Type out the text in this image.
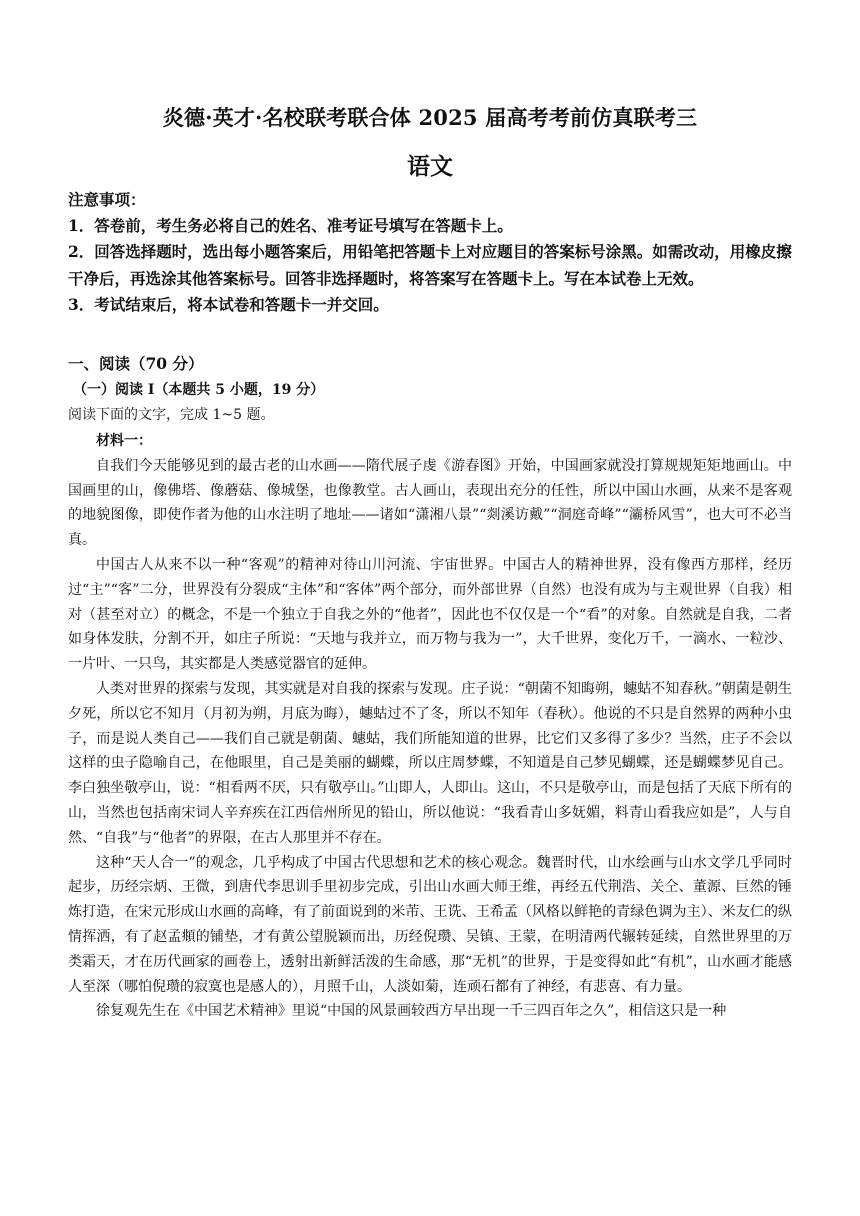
炎德·英才·名校联考联合体 2025 届高考考前仿真联考三
语文
注意事项：
1．答卷前，考生务必将自己的姓名、准考证号填写在答题卡上。
2．回答选择题时，选出每小题答案后，用铅笔把答题卡上对应题目的答案标号涂黑。如需改动，用橡皮擦干净后，再选涂其他答案标号。回答非选择题时，将答案写在答题卡上。写在本试卷上无效。
3．考试结束后，将本试卷和答题卡一并交回。
一、阅读（70 分）
（一）阅读 I（本题共 5 小题，19 分）
阅读下面的文字，完成 1~5 题。

材料一：

自我们今天能够见到的最古老的山水画——隋代展子虔《游春图》开始，中国画家就没打算规规矩矩地画山。中国画里的山，像佛塔、像蘑菇、像城堡，也像教堂。古人画山，表现出充分的任性，所以中国山水画，从来不是客观的地貌图像，即使作者为他的山水注明了地址——诸如“潇湘八景”“剡溪访戴”“洞庭奇峰”“灞桥风雪”，也大可不必当真。

中国古人从来不以一种“客观”的精神对待山川河流、宇宙世界。中国古人的精神世界，没有像西方那样，经历过“主”“客”二分，世界没有分裂成“主体”和“客体”两个部分，而外部世界（自然）也没有成为与主观世界（自我）相对（甚至对立）的概念，不是一个独立于自我之外的“他者”，因此也不仅仅是一个“看”的对象。自然就是自我，二者如身体发肤，分割不开，如庄子所说：“天地与我并立，而万物与我为一”，大千世界，变化万千，一滴水、一粒沙、一片叶、一只鸟，其实都是人类感觉器官的延伸。

人类对世界的探索与发现，其实就是对自我的探索与发现。庄子说：“朝菌不知晦朔，蟪蛄不知春秋。”朝菌是朝生夕死，所以它不知月（月初为朔，月底为晦），蟪蛄过不了冬，所以不知年（春秋）。他说的不只是自然界的两种小虫子，而是说人类自己——我们自己就是朝菌、蟪蛄，我们所能知道的世界，比它们又多得了多少？当然，庄子不会以这样的虫子隐喻自己，在他眼里，自己是美丽的蝴蝶，所以庄周梦蝶，不知道是自己梦见蝴蝶，还是蝴蝶梦见自己。李白独坐敬亭山，说：“相看两不厌，只有敬亭山。”山即人，人即山。这山，不只是敬亭山，而是包括了天底下所有的山，当然也包括南宋词人辛弃疾在江西信州所见的铅山，所以他说：“我看青山多妩媚，料青山看我应如是”，人与自然、“自我”与“他者”的界限，在古人那里并不存在。

这种“天人合一”的观念，几乎构成了中国古代思想和艺术的核心观念。魏晋时代，山水绘画与山水文学几乎同时起步，历经宗炳、王微，到唐代李思训手里初步完成，引出山水画大师王维，再经五代荆浩、关仝、董源、巨然的锤炼打造，在宋元形成山水画的高峰，有了前面说到的米芾、王诜、王希孟（风格以鲜艳的青绿色调为主）、米友仁的纵情挥洒，有了赵孟頫的铺垫，才有黄公望脱颖而出，历经倪瓒、吴镇、王蒙，在明清两代辗转延续，自然世界里的万类霜天，才在历代画家的画卷上，透射出新鲜活泼的生命感，那“无机”的世界，于是变得如此“有机”，山水画才能感人至深（哪怕倪瓒的寂寞也是感人的），月照千山，人淡如菊，连顽石都有了神经，有悲喜、有力量。

徐复观先生在《中国艺术精神》里说“中国的风景画较西方早出现一千三四百年之久”，相信这只是一种
